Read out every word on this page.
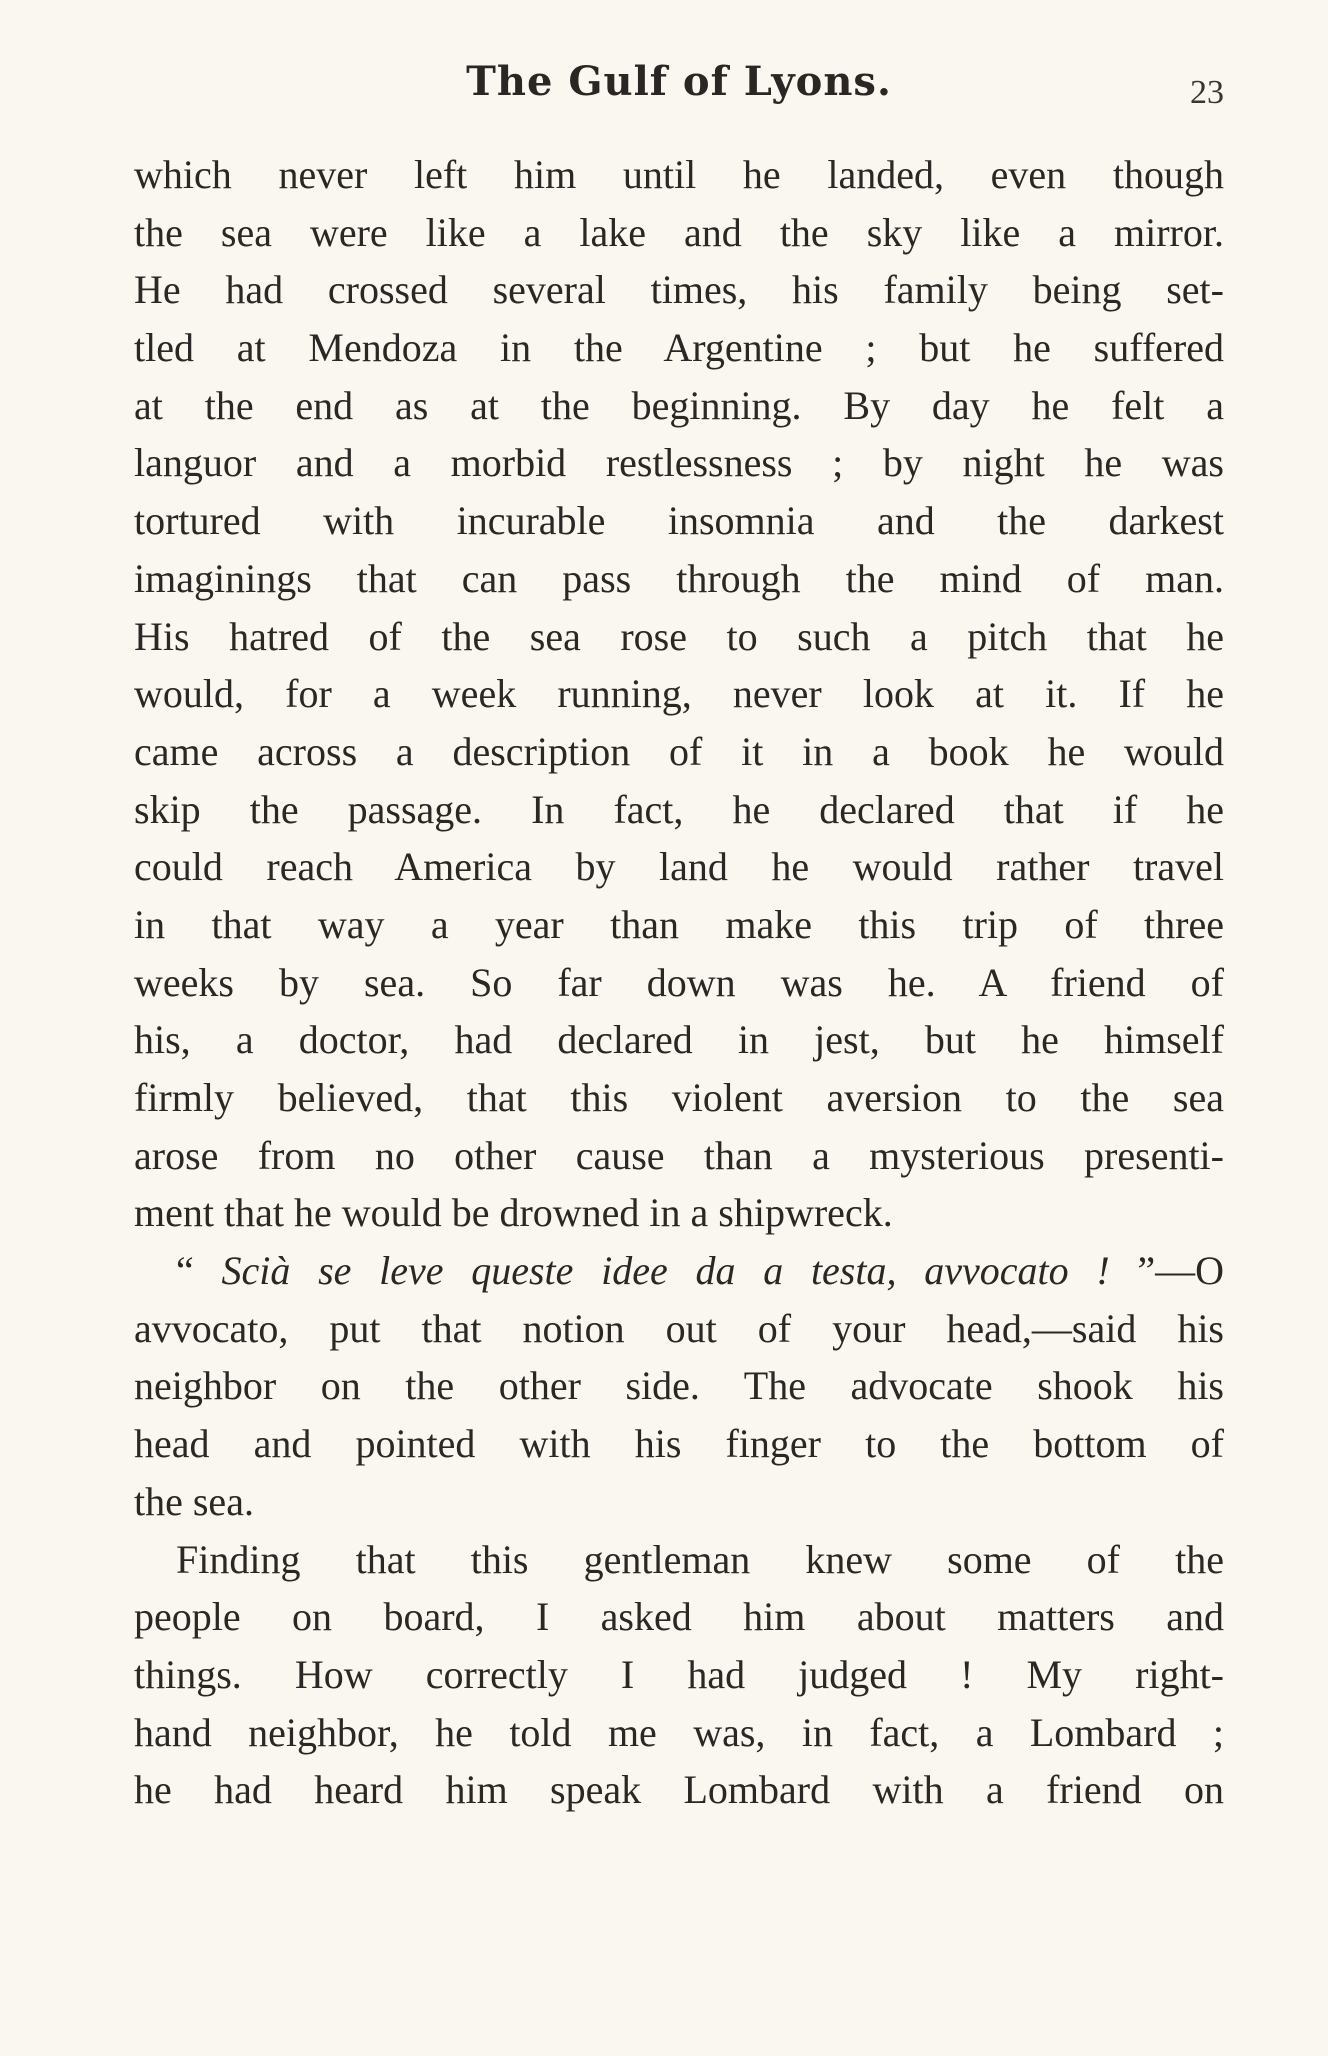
The Gulf of Lyons.	23
which never left him until he landed, even though
the sea were like a lake and the sky like a mirror.
He had crossed several times, his family being set-
tled at Mendoza in the Argentine ; but he suffered
at the end as at the beginning. By day he felt a
languor and a morbid restlessness ; by night he was
tortured with incurable insomnia and the darkest
imaginings that can pass through the mind of man.
His hatred of the sea rose to such a pitch that he
would, for a week running, never look at it. If he
came across a description of it in a book he would
skip the passage. In fact, he declared that if he
could reach America by land he would rather travel
in that way a year than make this trip of three
weeks by sea. So far down was he. A friend of
his, a doctor, had declared in jest, but he himself
firmly believed, that this violent aversion to the sea
arose from no other cause than a mysterious presenti-
ment that he would be drowned in a shipwreck.
“ Scià se leve queste idee da a testa, avvocato ! ”—O
avvocato, put that notion out of your head,—said his
neighbor on the other side. The advocate shook his
head and pointed with his finger to the bottom of
the sea.
Finding that this gentleman knew some of the
people on board, I asked him about matters and
things. How correctly I had judged ! My right-
hand neighbor, he told me was, in fact, a Lombard ;
he had heard him speak Lombard with a friend on
